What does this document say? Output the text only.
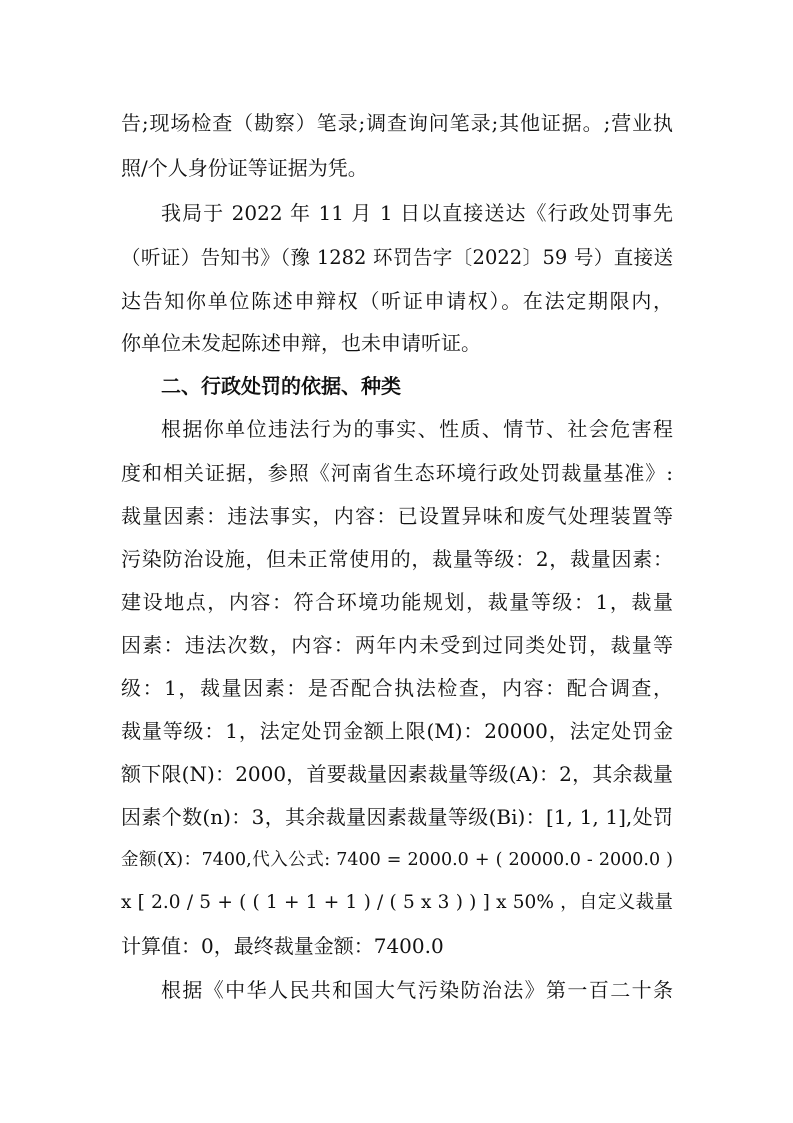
告;现场检查（勘察）笔录;调查询问笔录;其他证据。;营业执
照/个人身份证等证据为凭。
我局于 2022 年 11 月 1 日以直接送达《行政处罚事先
（听证）告知书》（豫 1282 环罚告字〔2022〕59 号）直接送
达告知你单位陈述申辩权（听证申请权）。在法定期限内，
你单位未发起陈述申辩，也未申请听证。
二、行政处罚的依据、种类
根据你单位违法行为的事实、性质、情节、社会危害程
度和相关证据，参照《河南省生态环境行政处罚裁量基准》:
裁量因素：违法事实，内容：已设置异味和废气处理装置等
污染防治设施，但未正常使用的，裁量等级：2，裁量因素：
建设地点，内容：符合环境功能规划，裁量等级：1，裁量
因素：违法次数，内容：两年内未受到过同类处罚，裁量等
级：1，裁量因素：是否配合执法检查，内容：配合调查，
裁量等级：1，法定处罚金额上限(M)：20000，法定处罚金
额下限(N)：2000，首要裁量因素裁量等级(A)：2，其余裁量
因素个数(n)：3，其余裁量因素裁量等级(Bi)：[1, 1, 1],处罚
金额(X)：7400,代入公式: 7400 = 2000.0 + ( 20000.0 - 2000.0 )
x [ 2.0 / 5 + ( ( 1 + 1 + 1 ) / ( 5 x 3 ) ) ] x 50% ，自定义裁量
计算值：0，最终裁量金额：7400.0
根据《中华人民共和国大气污染防治法》第一百二十条
